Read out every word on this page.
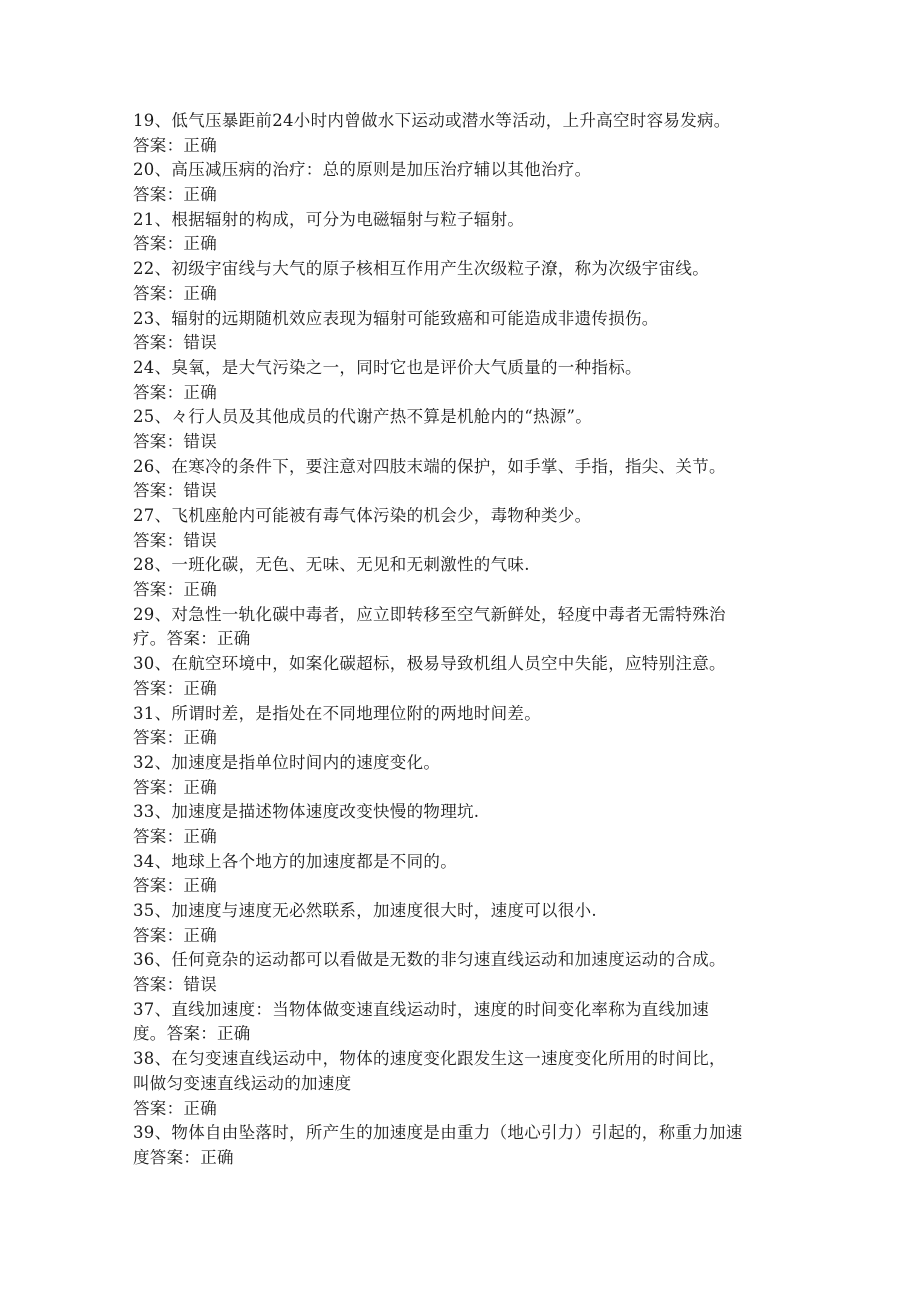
19、低气压暴距前24小时内曾做水下运动或潜水等活动，上升高空时容易发病。
答案：正确
20、高压减压病的治疗：总的原则是加压治疗辅以其他治疗。
答案：正确
21、根据辐射的构成，可分为电磁辐射与粒子辐射。
答案：正确
22、初级宇宙线与大气的原子核相互作用产生次级粒子潦，称为次级宇宙线。
答案：正确
23、辐射的远期随机效应表现为辐射可能致癌和可能造成非遗传损伤。
答案：错误
24、臭氧，是大气污染之一，同时它也是评价大气质量的一种指标。
答案：正确
25、々行人员及其他成员的代谢产热不算是机舱内的“热源”。
答案：错误
26、在寒冷的条件下，要注意对四肢末端的保护，如手掌、手指，指尖、关节。
答案：错误
27、飞机座舱内可能被有毒气体污染的机会少，毒物种类少。
答案：错误
28、一班化碳，无色、无味、无见和无刺激性的气味.
答案：正确
29、对急性一轨化碳中毒者，应立即转移至空气新鲜处，轻度中毒者无需特殊治
疗。答案：正确
30、在航空环境中，如案化碳超标，极易导致机组人员空中失能，应特别注意。
答案：正确
31、所谓时差，是指处在不同地理位附的两地时间差。
答案：正确
32、加速度是指单位时间内的速度变化。
答案：正确
33、加速度是描述物体速度改变快慢的物理坑.
答案：正确
34、地球上各个地方的加速度都是不同的。
答案：正确
35、加速度与速度无必然联系，加速度很大时，速度可以很小.
答案：正确
36、任何竟杂的运动都可以看做是无数的非匀速直线运动和加速度运动的合成。
答案：错误
37、直线加速度：当物体做变速直线运动时，速度的时间变化率称为直线加速
度。答案：正确
38、在匀变速直线运动中，物体的速度变化跟发生这一速度变化所用的时间比，
叫做匀变速直线运动的加速度
答案：正确
39、物体自由坠落时，所产生的加速度是由重力（地心引力）引起的，称重力加速
度答案：正确
